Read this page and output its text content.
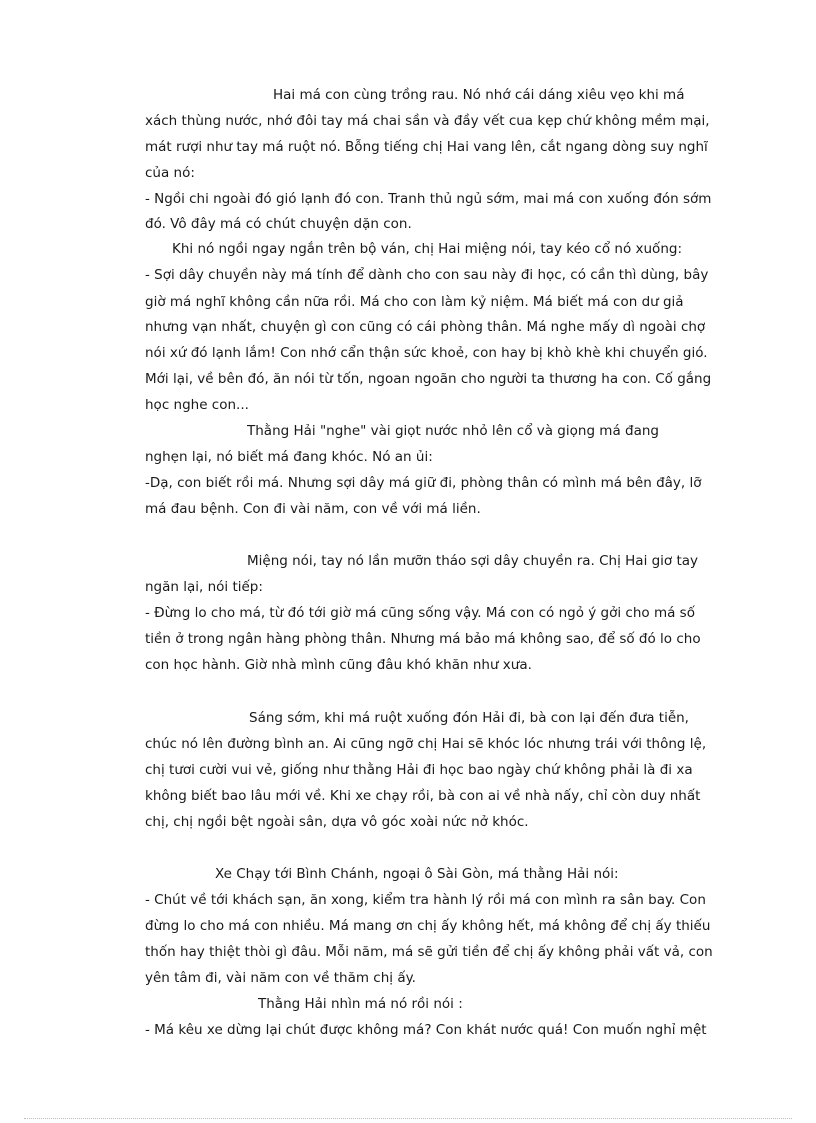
Hai má con cùng trồng rau. Nó nhớ cái dáng xiêu vẹo khi má

xách thùng nước, nhớ đôi tay má chai sần và đầy vết cua kẹp chứ không mềm mại,

mát rượi như tay má ruột nó. Bỗng tiếng chị Hai vang lên, cắt ngang dòng suy nghĩ

của nó:

- Ngồi chi ngoài đó gió lạnh đó con. Tranh thủ ngủ sớm, mai má con xuống đón sớm

đó. Vô đây má có chút chuyện dặn con.

Khi nó ngồi ngay ngắn trên bộ ván, chị Hai miệng nói, tay kéo cổ nó xuống:

- Sợi dây chuyền này má tính để dành cho con sau này đi học, có cần thì dùng, bây

giờ má nghĩ không cần nữa rồi. Má cho con làm kỷ niệm. Má biết má con dư giả

nhưng vạn nhất, chuyện gì con cũng có cái phòng thân. Má nghe mấy dì ngoài chợ

nói xứ đó lạnh lắm! Con nhớ cẩn thận sức khoẻ, con hay bị khò khè khi chuyển gió.

Mới lại, về bên đó, ăn nói từ tốn, ngoan ngoãn cho người ta thương ha con. Cố gắng

học nghe con...

Thằng Hải "nghe" vài giọt nước nhỏ lên cổ và giọng má đang

nghẹn lại, nó biết má đang khóc. Nó an ủi:

-Dạ, con biết rồi má. Nhưng sợi dây má giữ đi, phòng thân có mình má bên đây, lỡ

má đau bệnh. Con đi vài năm, con về với má liền.

Miệng nói, tay nó lần mưỡn tháo sợi dây chuyền ra. Chị Hai giơ tay

ngăn lại, nói tiếp:

- Đừng lo cho má, từ đó tới giờ má cũng sống vậy. Má con có ngỏ ý gởi cho má số

tiền ở trong ngân hàng phòng thân. Nhưng má bảo má không sao, để số đó lo cho

con học hành. Giờ nhà mình cũng đâu khó khăn như xưa.

Sáng sớm, khi má ruột xuống đón Hải đi, bà con lại đến đưa tiễn,

chúc nó lên đường bình an. Ai cũng ngỡ chị Hai sẽ khóc lóc nhưng trái với thông lệ,

chị tươi cười vui vẻ, giống như thằng Hải đi học bao ngày chứ không phải là đi xa

không biết bao lâu mới về. Khi xe chạy rồi, bà con ai về nhà nấy, chỉ còn duy nhất

chị, chị ngồi bệt ngoài sân, dựa vô góc xoài nức nở khóc.

Xe Chạy tới Bình Chánh, ngoại ô Sài Gòn, má thằng Hải nói:

- Chút về tới khách sạn, ăn xong, kiểm tra hành lý rồi má con mình ra sân bay. Con

đừng lo cho má con nhiều. Má mang ơn chị ấy không hết, má không để chị ấy thiếu

thốn hay thiệt thòi gì đâu. Mỗi năm, má sẽ gửi tiền để chị ấy không phải vất vả, con

yên tâm đi, vài năm con về thăm chị ấy.

Thằng Hải nhìn má nó rồi nói :

- Má kêu xe dừng lại chút được không má? Con khát nước quá! Con muốn nghỉ mệt
